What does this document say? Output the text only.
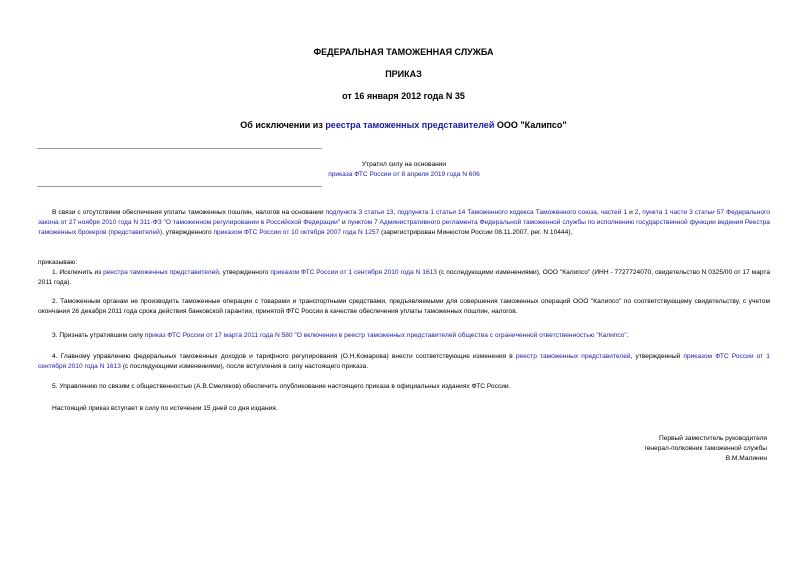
ФЕДЕРАЛЬНАЯ ТАМОЖЕННАЯ СЛУЖБА
ПРИКАЗ
от 16 января 2012 года N 35
Об исключении из реестра таможенных представителей ООО "Калипсо"
Утратил силу на основании
приказа ФТС России от 8 апреля 2019 года N 606

В связи с отсутствием обеспечения уплаты таможенных пошлин, налогов на основании подпункта 3 статьи 13, подпункта 1 статьи 14 Таможенного кодекса Таможенного союза, частей 1 и 2, пункта 1 части 3 статьи 57 Федерального закона от 27 ноября 2010 года N 311-ФЗ "О таможенном регулировании в Российской Федерации" и пунктом 7 Административного регламента Федеральной таможенной службы по исполнению государственной функции ведения Реестра таможенных брокеров (представителей), утвержденного приказом ФТС России от 10 октября 2007 года N 1257 (зарегистрирован Минюстом России 08.11.2007, рег. N 10444),

приказываю:

1. Исключить из реестра таможенных представителей, утвержденного приказом ФТС России от 1 сентября 2010 года N 1613 (с последующими изменениями), ООО "Калипсо" (ИНН - 7727724070, свидетельство N 0325/00 от 17 марта 2011 года).

2. Таможенным органам не производить таможенные операции с товарами и транспортными средствами, предъявляемыми для совершения таможенных операций ООО "Калипсо" по соответствующему свидетельству, с учетом окончания 26 декабря 2011 года срока действия банковской гарантии, принятой ФТС России в качестве обеспечения уплаты таможенных пошлин, налогов.

3. Признать утратившим силу приказ ФТС России от 17 марта 2011 года N 580 "О включении в реестр таможенных представителей общества с ограниченной ответственностью "Калипсо".

4. Главному управлению федеральных таможенных доходов и тарифного регулирования (О.Н.Комарова) внести соответствующие изменения в реестр таможенных представителей, утвержденный приказом ФТС России от 1 сентября 2010 года N 1613 (с последующими изменениями), после вступления в силу настоящего приказа.

5. Управлению по связям с общественностью (А.В.Смеляков) обеспечить опубликование настоящего приказа в официальных изданиях ФТС России.

Настоящий приказ вступает в силу по истечении 15 дней со дня издания.

Первый заместитель руководителя
генерал-полковник таможенной службы
В.М.Малинин
